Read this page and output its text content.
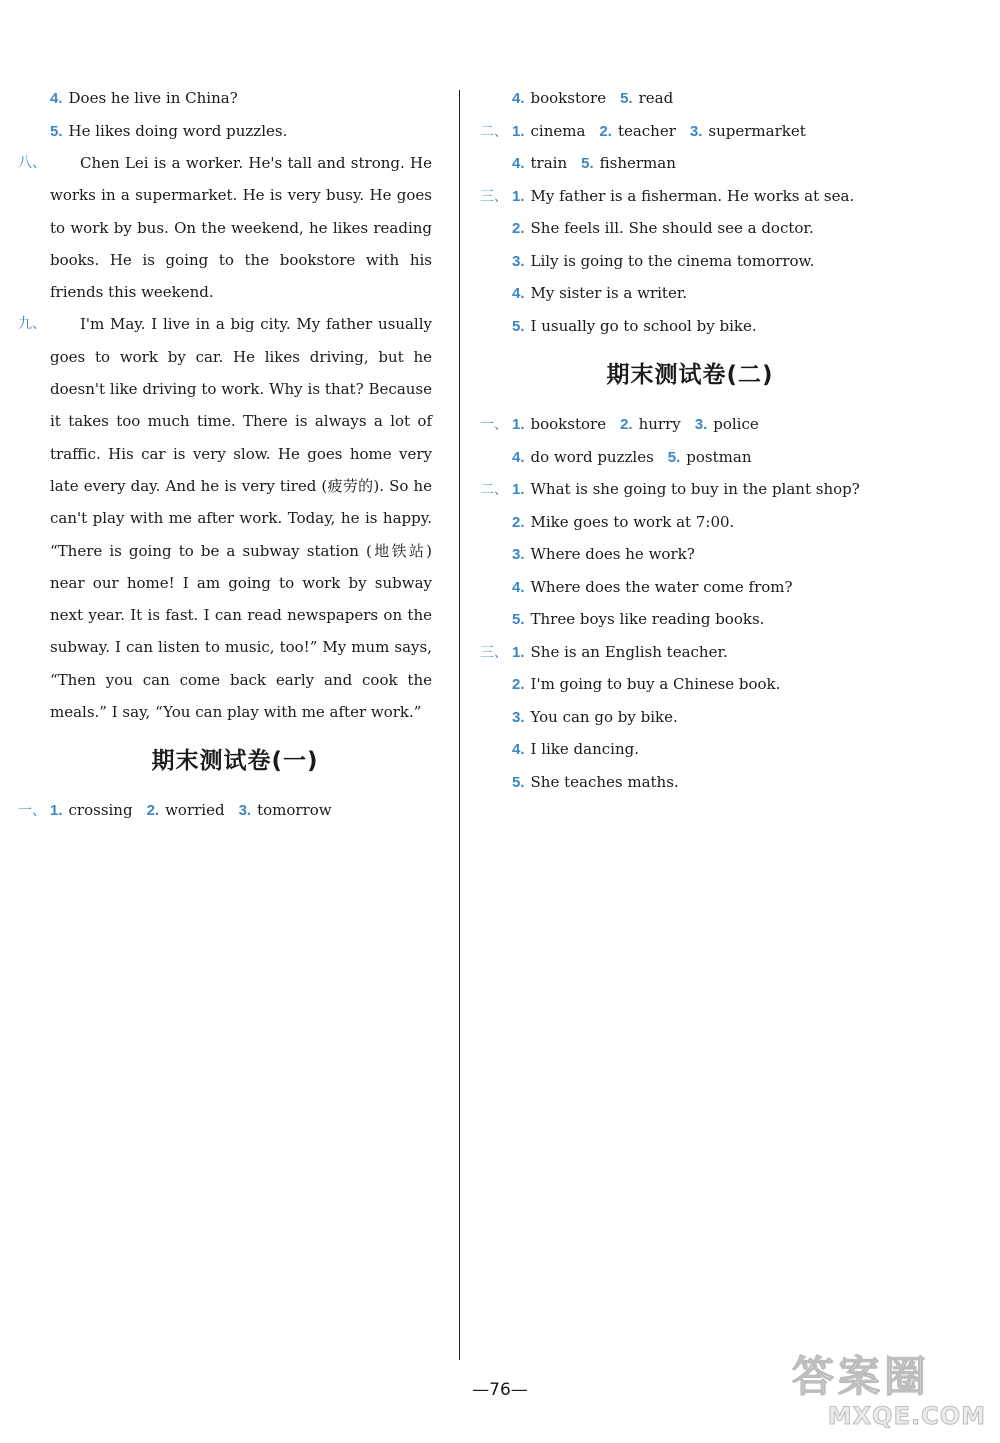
4. Does he live in China?
5. He likes doing word puzzles.
八、	Chen Lei is a worker. He's tall and strong. He works in a supermarket. He is very busy. He goes to work by bus. On the weekend, he likes reading books. He is going to the bookstore with his friends this weekend.
九、	I'm May. I live in a big city. My father usually goes to work by car. He likes driving, but he doesn't like driving to work. Why is that? Because it takes too much time. There is always a lot of traffic. His car is very slow. He goes home very late every day. And he is very tired (疲劳的). So he can't play with me after work. Today, he is happy. “There is going to be a subway station (地铁站) near our home! I am going to work by subway next year. It is fast. I can read newspapers on the subway. I can listen to music, too!” My mum says, “Then you can come back early and cook the meals.” I say, “You can play with me after work.”
期末测试卷(一)
一、 1. crossing 2. worried 3. tomorrow
4. bookstore 5. read
二、 1. cinema 2. teacher 3. supermarket
4. train 5. fisherman
三、 1. My father is a fisherman. He works at sea.
2. She feels ill. She should see a doctor.
3. Lily is going to the cinema tomorrow.
4. My sister is a writer.
5. I usually go to school by bike.
期末测试卷(二)
一、 1. bookstore 2. hurry 3. police
4. do word puzzles 5. postman
二、 1. What is she going to buy in the plant shop?
2. Mike goes to work at 7:00.
3. Where does he work?
4. Where does the water come from?
5. Three boys like reading books.
三、 1. She is an English teacher.
2. I'm going to buy a Chinese book.
3. You can go by bike.
4. I like dancing.
5. She teaches maths.
—76—	答案圈
MXQE.COM
